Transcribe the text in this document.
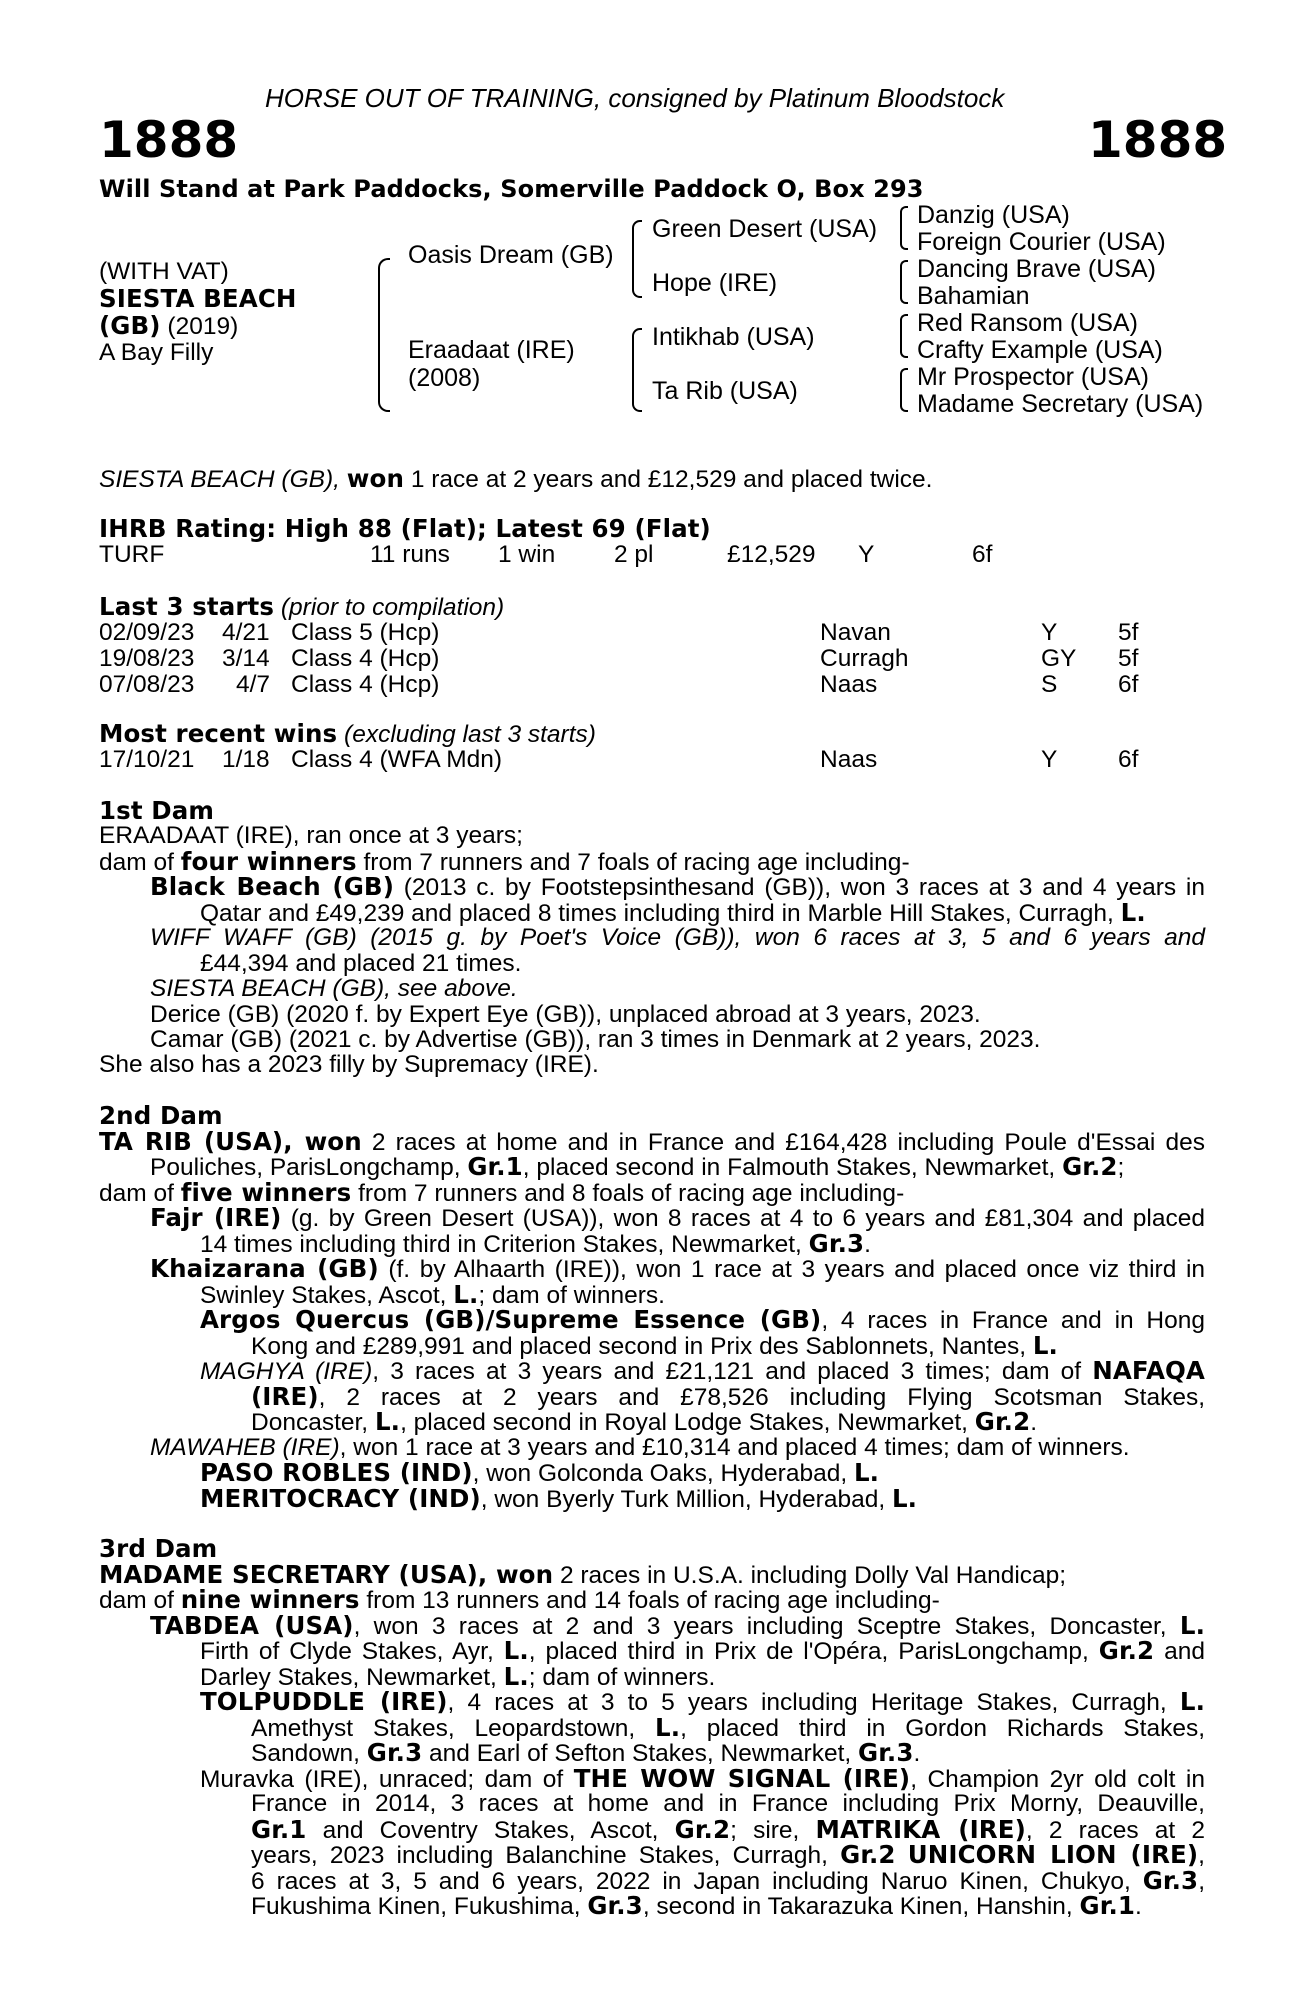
HORSE OUT OF TRAINING, consigned by Platinum Bloodstock
1888	1888
Will Stand at Park Paddocks, Somerville Paddock O, Box 293
(WITH VAT)
SIESTA BEACH
(GB) (2019)
A Bay Filly
Oasis Dream (GB)
Eraadaat (IRE)
(2008)
Green Desert (USA)
Hope (IRE)
Intikhab (USA)
Ta Rib (USA)
Danzig (USA)
Foreign Courier (USA)
Dancing Brave (USA)
Bahamian
Red Ransom (USA)
Crafty Example (USA)
Mr Prospector (USA)
Madame Secretary (USA)
SIESTA BEACH (GB), won 1 race at 2 years and £12,529 and placed twice.
IHRB Rating: High 88 (Flat); Latest 69 (Flat)
TURF	11 runs 1 win 2 pl	£12,529 Y	6f
Last 3 starts (prior to compilation)
02/09/23 4/21 Class 5 (Hcp)	Navan	Y 5f
19/08/23 3/14 Class 4 (Hcp)	Curragh	GY 5f
07/08/23 4/7 Class 4 (Hcp)	Naas	S 6f
Most recent wins (excluding last 3 starts)
17/10/21 1/18 Class 4 (WFA Mdn)	Naas	Y 6f
1st Dam
ERAADAAT (IRE), ran once at 3 years;
dam of four winners from 7 runners and 7 foals of racing age including-
Black Beach (GB) (2013 c. by Footstepsinthesand (GB)), won 3 races at 3 and 4 years in
Qatar and £49,239 and placed 8 times including third in Marble Hill Stakes, Curragh, L.
WIFF WAFF (GB) (2015 g. by Poet's Voice (GB)), won 6 races at 3, 5 and 6 years and
£44,394 and placed 21 times.
SIESTA BEACH (GB), see above.
Derice (GB) (2020 f. by Expert Eye (GB)), unplaced abroad at 3 years, 2023.
Camar (GB) (2021 c. by Advertise (GB)), ran 3 times in Denmark at 2 years, 2023.
She also has a 2023 filly by Supremacy (IRE).
2nd Dam
TA RIB (USA), won 2 races at home and in France and £164,428 including Poule d'Essai des
Pouliches, ParisLongchamp, Gr.1, placed second in Falmouth Stakes, Newmarket, Gr.2;
dam of five winners from 7 runners and 8 foals of racing age including-
Fajr (IRE) (g. by Green Desert (USA)), won 8 races at 4 to 6 years and £81,304 and placed
14 times including third in Criterion Stakes, Newmarket, Gr.3.
Khaizarana (GB) (f. by Alhaarth (IRE)), won 1 race at 3 years and placed once viz third in
Swinley Stakes, Ascot, L.; dam of winners.
Argos Quercus (GB)/Supreme Essence (GB), 4 races in France and in Hong
Kong and £289,991 and placed second in Prix des Sablonnets, Nantes, L.
MAGHYA (IRE), 3 races at 3 years and £21,121 and placed 3 times; dam of NAFAQA
(IRE), 2 races at 2 years and £78,526 including Flying Scotsman Stakes,
Doncaster, L., placed second in Royal Lodge Stakes, Newmarket, Gr.2.
MAWAHEB (IRE), won 1 race at 3 years and £10,314 and placed 4 times; dam of winners.
PASO ROBLES (IND), won Golconda Oaks, Hyderabad, L.
MERITOCRACY (IND), won Byerly Turk Million, Hyderabad, L.
3rd Dam
MADAME SECRETARY (USA), won 2 races in U.S.A. including Dolly Val Handicap;
dam of nine winners from 13 runners and 14 foals of racing age including-
TABDEA (USA), won 3 races at 2 and 3 years including Sceptre Stakes, Doncaster, L.
Firth of Clyde Stakes, Ayr, L., placed third in Prix de l'Opéra, ParisLongchamp, Gr.2 and
Darley Stakes, Newmarket, L.; dam of winners.
TOLPUDDLE (IRE), 4 races at 3 to 5 years including Heritage Stakes, Curragh, L.
Amethyst Stakes, Leopardstown, L., placed third in Gordon Richards Stakes,
Sandown, Gr.3 and Earl of Sefton Stakes, Newmarket, Gr.3.
Muravka (IRE), unraced; dam of THE WOW SIGNAL (IRE), Champion 2yr old colt in
France in 2014, 3 races at home and in France including Prix Morny, Deauville,
Gr.1 and Coventry Stakes, Ascot, Gr.2; sire, MATRIKA (IRE), 2 races at 2
years, 2023 including Balanchine Stakes, Curragh, Gr.2 UNICORN LION (IRE),
6 races at 3, 5 and 6 years, 2022 in Japan including Naruo Kinen, Chukyo, Gr.3,
Fukushima Kinen, Fukushima, Gr.3, second in Takarazuka Kinen, Hanshin, Gr.1.
